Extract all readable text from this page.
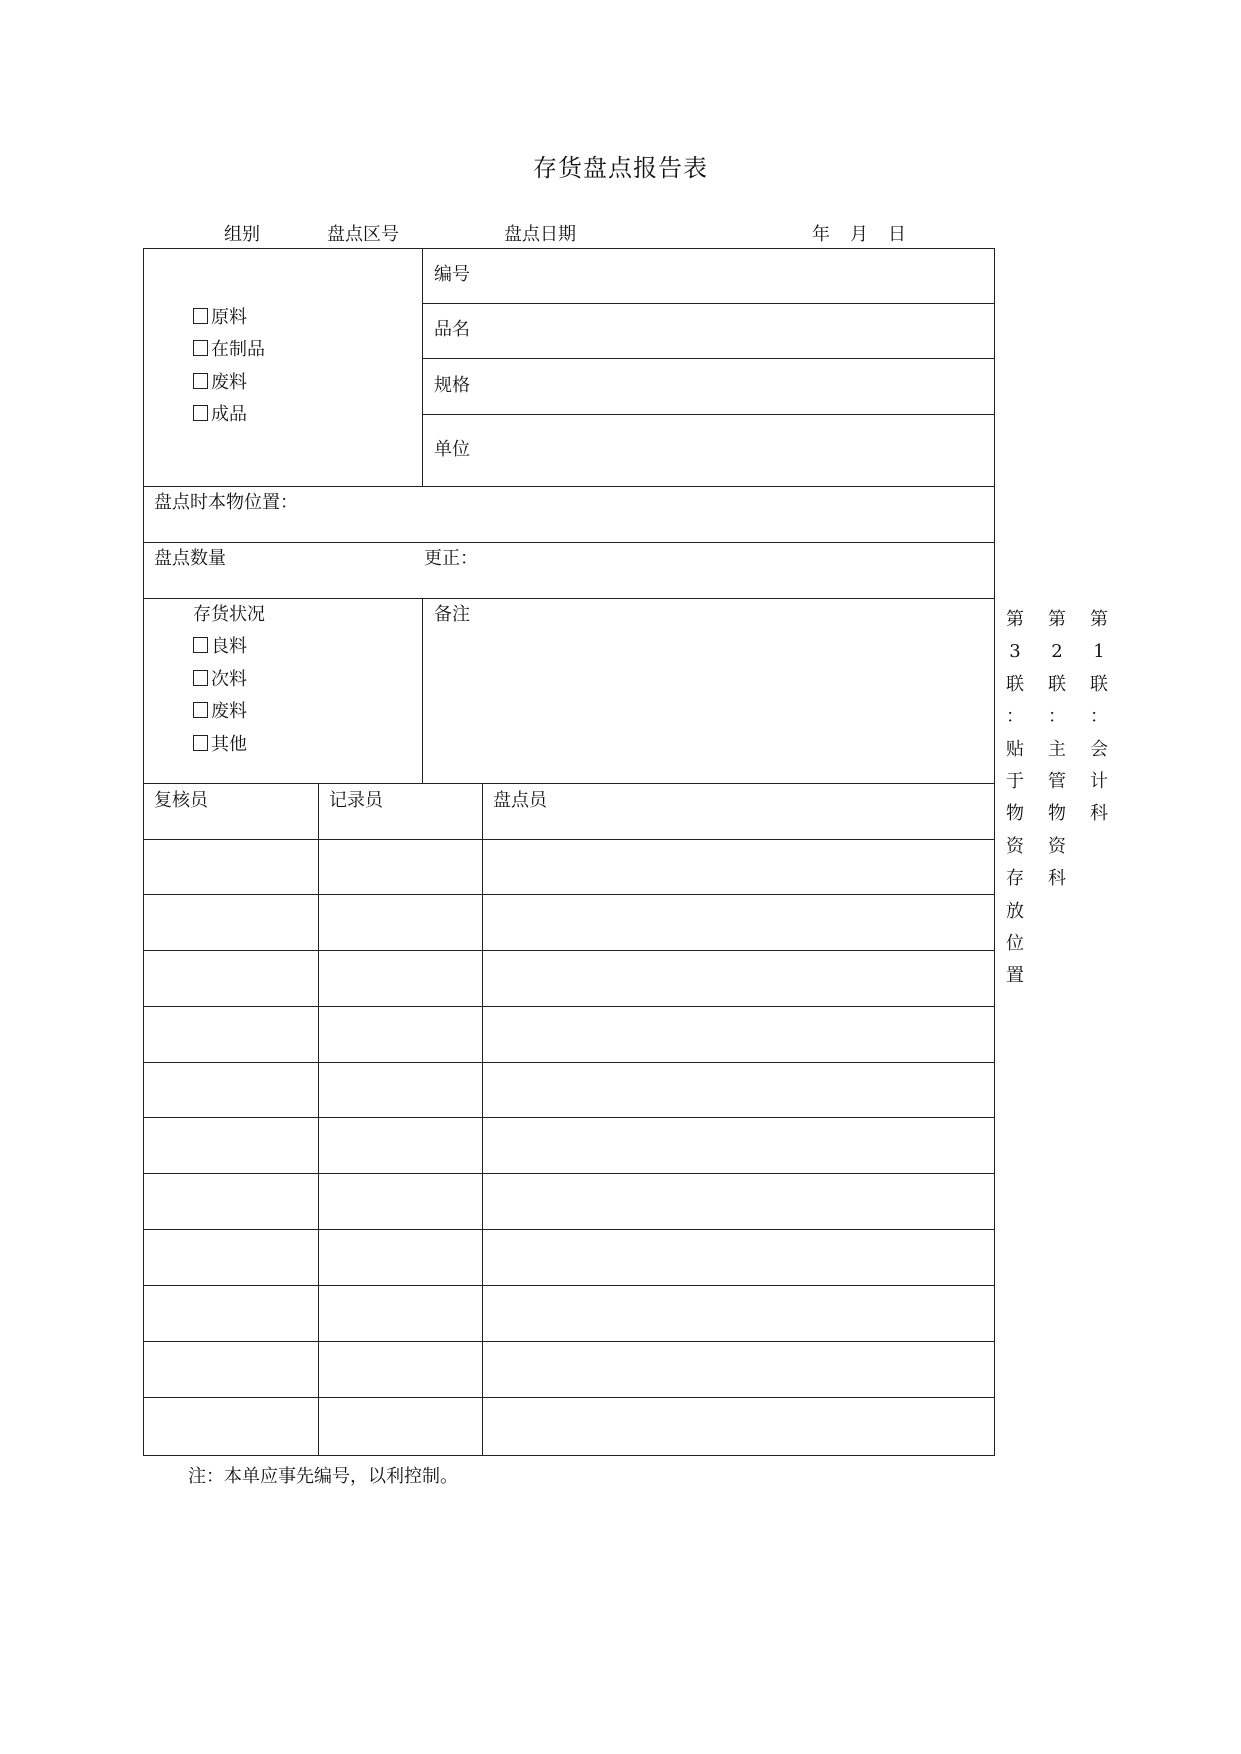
存货盘点报告表
组别	盘点区号	盘点日期	年 月 日
原料
在制品
废料
成品
编号
品名
规格
单位
盘点时本物位置：
盘点数量	更正：
存货状况
良料
次料
废料
其他
备注
复核员	记录员	盘点员
第
3
联
：
贴
于
物
资
存
放
位
置
第
2
联
：
主
管
物
资
科
第
1
联
：
会
计
科
注：本单应事先编号，以利控制。
